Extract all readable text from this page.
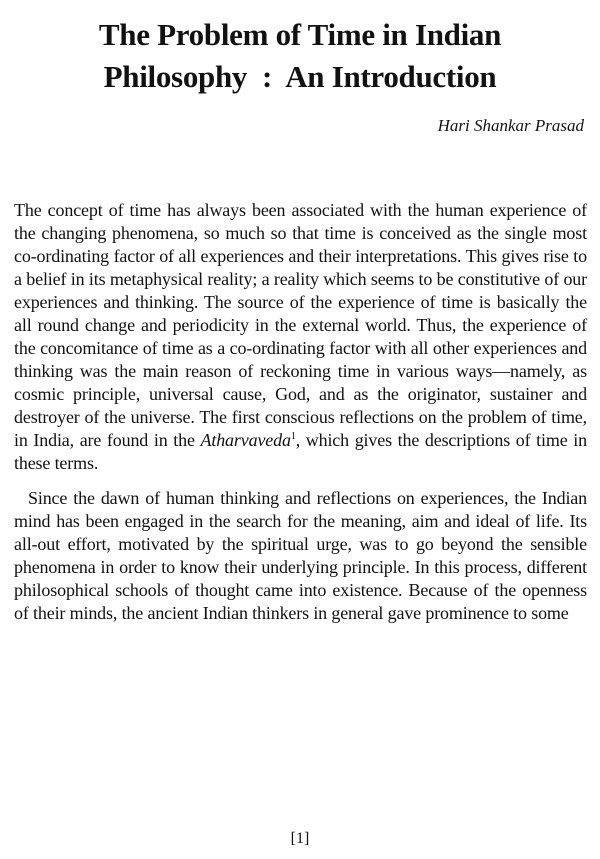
The Problem of Time in Indian
Philosophy  :  An Introduction

Hari Shankar Prasad

The concept of time has always been associated with the human experience of the changing phenomena, so much so that time is conceived as the single most co-ordinating factor of all experiences and their interpretations. This gives rise to a belief in its metaphysical reality; a reality which seems to be constitutive of our experiences and thinking. The source of the experience of time is basically the all round change and periodicity in the external world. Thus, the experience of the concomitance of time as a co-ordinating factor with all other experiences and thinking was the main reason of reckoning time in various ways—namely, as cosmic principle, universal cause, God, and as the originator, sustainer and destroyer of the universe. The first conscious reflections on the problem of time, in India, are found in the Atharvaveda$^1$, which gives the descriptions of time in these terms.

Since the dawn of human thinking and reflections on experiences, the Indian mind has been engaged in the search for the meaning, aim and ideal of life. Its all-out effort, motivated by the spiritual urge, was to go beyond the sensible phenomena in order to know their underlying principle. In this process, different philosophical schools of thought came into existence. Because of the openness of their minds, the ancient Indian thinkers in general gave prominence to some

[1]
